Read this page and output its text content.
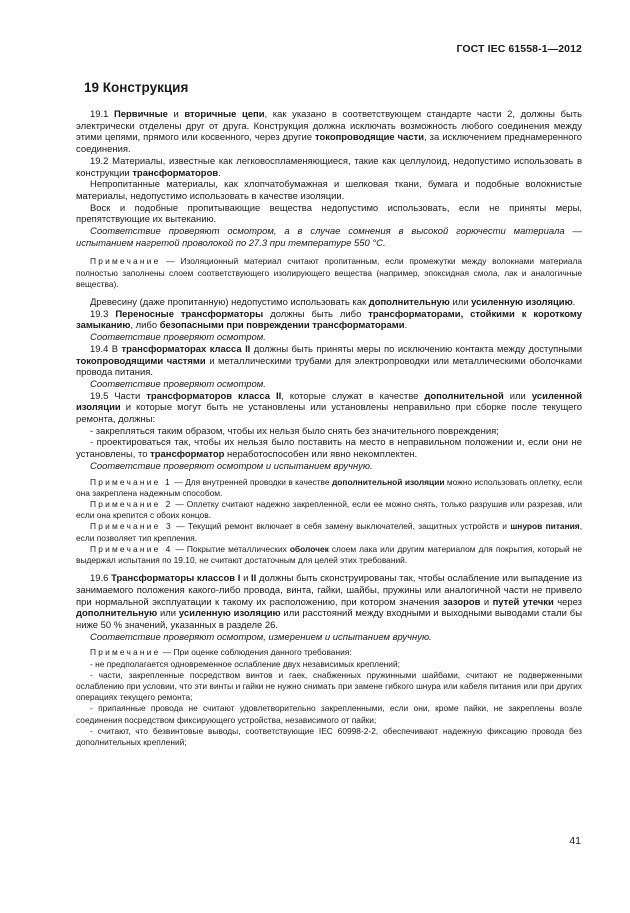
ГОСТ IEC 61558-1—2012
19 Конструкция

19.1 Первичные и вторичные цепи, как указано в соответствующем стандарте части 2, должны быть электрически отделены друг от друга. Конструкция должна исключать возможность любого соединения между этими цепями, прямого или косвенного, через другие токопроводящие части, за исключением преднамеренного соединения.

19.2 Материалы, известные как легковоспламеняющиеся, такие как целлулоид, недопустимо использовать в конструкции трансформаторов.

Непропитанные материалы, как хлопчатобумажная и шелковая ткани, бумага и подобные волокнистые материалы, недопустимо использовать в качестве изоляции.

Воск и подобные пропитывающие вещества недопустимо использовать, если не приняты меры, препятствующие их вытеканию.

Соответствие проверяют осмотром, а в случае сомнения в высокой горючести материала — испытанием нагретой проволокой по 27.3 при температуре 550 °С.

Примечание — Изоляционный материал считают пропитанным, если промежутки между волокнами материала полностью заполнены слоем соответствующего изолирующего вещества (например, эпоксидная смола, лак и аналогичные вещества).

Древесину (даже пропитанную) недопустимо использовать как дополнительную или усиленную изоляцию.

19.3 Переносные трансформаторы должны быть либо трансформаторами, стойкими к короткому замыканию, либо безопасными при повреждении трансформаторами.

Соответствие проверяют осмотром.

19.4 В трансформаторах класса II должны быть приняты меры по исключению контакта между доступными токопроводящими частями и металлическими трубами для электропроводки или металлическими оболочками провода питания.

Соответствие проверяют осмотром.

19.5 Части трансформаторов класса II, которые служат в качестве дополнительной или усиленной изоляции и которые могут быть не установлены или установлены неправильно при сборке после текущего ремонта, должны:

- закрепляться таким образом, чтобы их нельзя было снять без значительного повреждения;

- проектироваться так, чтобы их нельзя было поставить на место в неправильном положении и, если они не установлены, то трансформатор неработоспособен или явно некомплектен.

Соответствие проверяют осмотром и испытанием вручную.

Примечание 1 — Для внутренней проводки в качестве дополнительной изоляции можно использовать оплетку, если она закреплена надежным способом.

Примечание 2 — Оплетку считают надежно закрепленной, если ее можно снять, только разрушив или разрезав, или если она крепится с обоих концов.

Примечание 3 — Текущий ремонт включает в себя замену выключателей, защитных устройств и шнуров питания, если позволяет тип крепления.

Примечание 4 — Покрытие металлических оболочек слоем лака или другим материалом для покрытия, который не выдержал испытания по 19.10, не считают достаточным для целей этих требований.

19.6 Трансформаторы классов I и II должны быть сконструированы так, чтобы ослабление или выпадение из занимаемого положения какого-либо провода, винта, гайки, шайбы, пружины или аналогичной части не привело при нормальной эксплуатации к такому их расположению, при котором значения зазоров и путей утечки через дополнительную или усиленную изоляцию или расстояний между входными и выходными выводами стали бы ниже 50 % значений, указанных в разделе 26.

Соответствие проверяют осмотром, измерением и испытанием вручную.

Примечание — При оценке соблюдения данного требования:

- не предполагается одновременное ослабление двух независимых креплений;

- части, закрепленные посредством винтов и гаек, снабженных пружинными шайбами, считают не подверженными ослаблению при условии, что эти винты и гайки не нужно снимать при замене гибкого шнура или кабеля питания или при других операциях текущего ремонта;

- припаянные провода не считают удовлетворительно закрепленными, если они, кроме пайки, не закреплены возле соединения посредством фиксирующего устройства, независимого от пайки;

- считают, что безвинтовые выводы, соответствующие IEC 60998-2-2, обеспечивают надежную фиксацию провода без дополнительных креплений;

41
